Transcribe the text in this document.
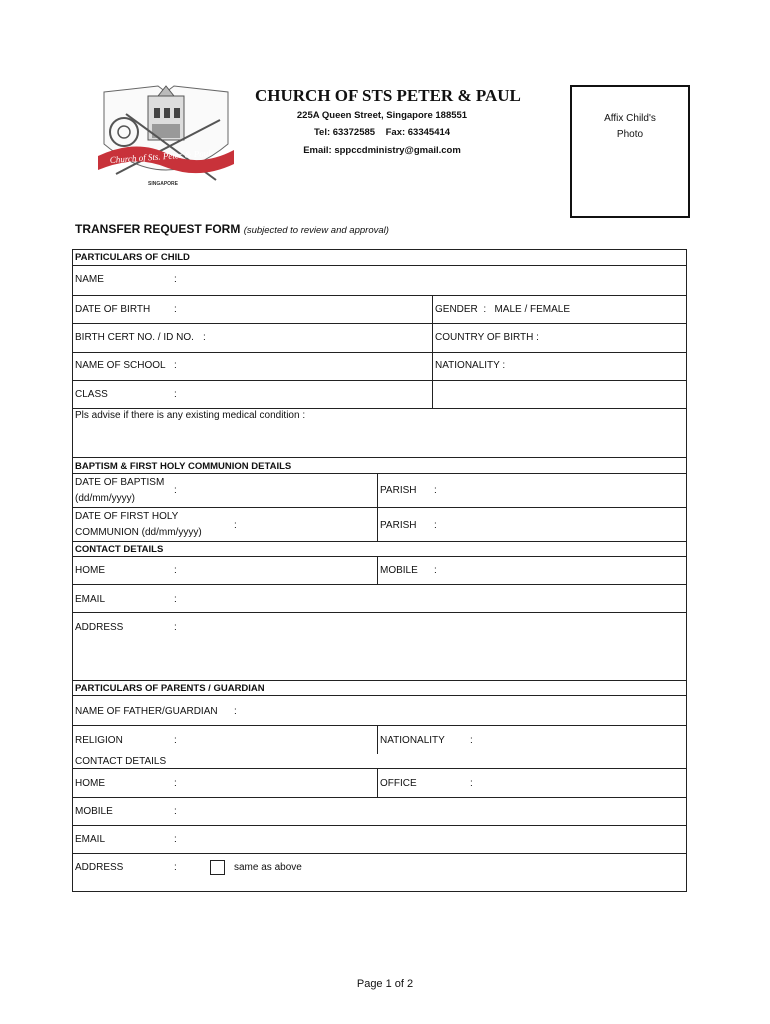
Church of Sts. Peter & Paul
SINGAPORE
CHURCH OF STS PETER & PAUL
225A Queen Street, Singapore 188551
Tel: 63372585    Fax: 63345414
Email: sppccdministry@gmail.com
Affix Child's
Photo
TRANSFER REQUEST FORM (subjected to review and approval)
PARTICULARS OF CHILD
NAME	:
DATE OF BIRTH :	GENDER  :   MALE / FEMALE
BIRTH CERT NO. / ID NO. :	COUNTRY OF BIRTH :
NAME OF SCHOOL :	NATIONALITY :
CLASS	:
Pls advise if there is any existing medical condition :
BAPTISM & FIRST HOLY COMMUNION DETAILS
DATE OF BAPTISM
(dd/mm/yyyy)
:	PARISH :
DATE OF FIRST HOLY
COMMUNION (dd/mm/yyyy)
:	PARISH :
CONTACT DETAILS
HOME	:	MOBILE :
EMAIL	:
ADDRESS	:
PARTICULARS OF PARENTS / GUARDIAN
NAME OF FATHER/GUARDIAN :
RELIGION	:	NATIONALITY	:
CONTACT DETAILS
HOME	:	OFFICE	:
MOBILE	:
EMAIL	:
ADDRESS	:	same as above
Page 1 of 2
